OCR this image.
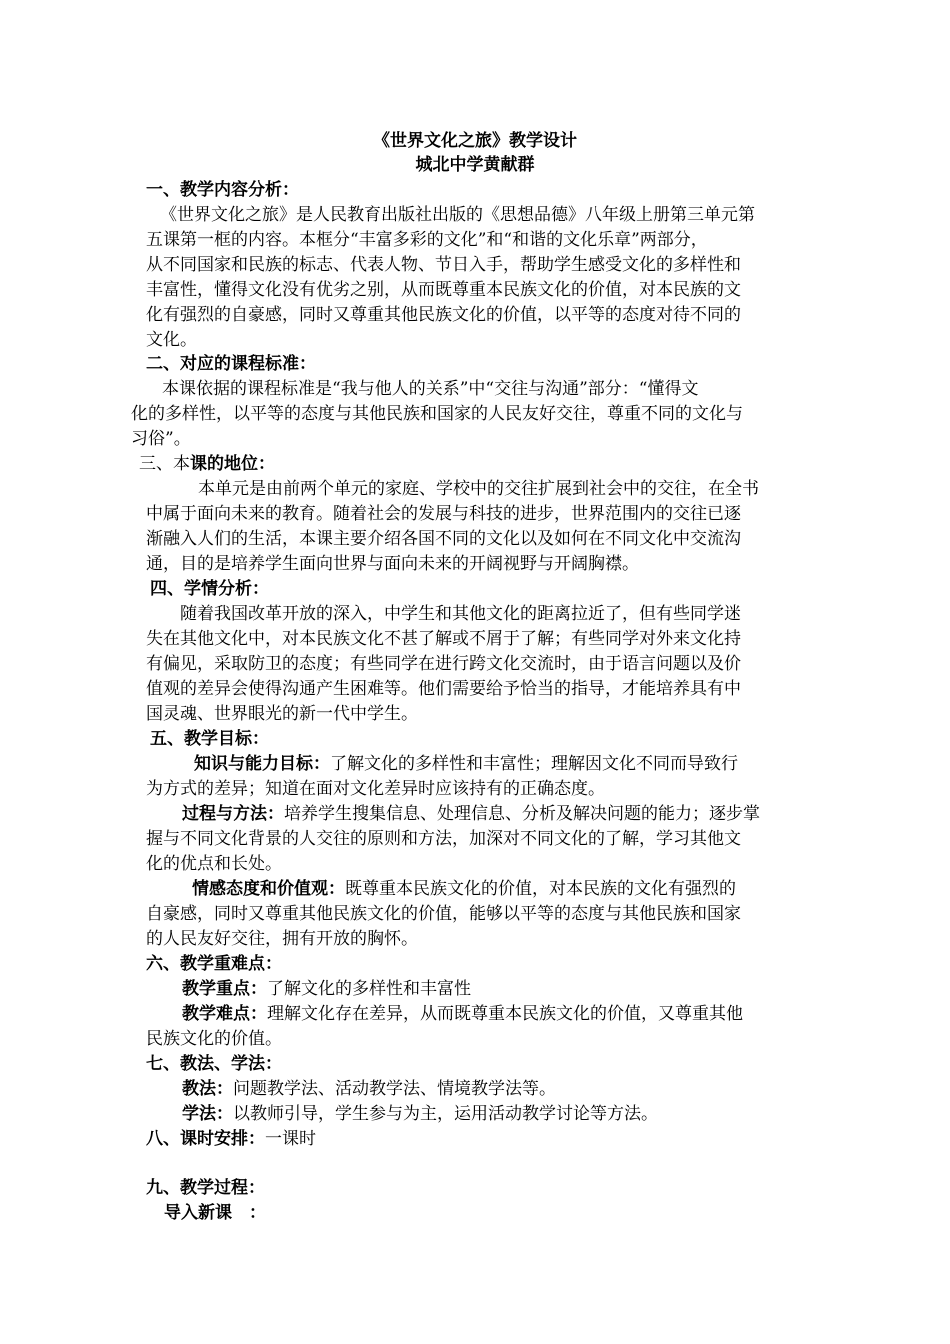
《世界文化之旅》教学设计
城北中学黄献群
一、教学内容分析：
《世界文化之旅》是人民教育出版社出版的《思想品德》八年级上册第三单元第
五课第一框的内容。本框分“丰富多彩的文化”和“和谐的文化乐章”两部分，
从不同国家和民族的标志、代表人物、节日入手，帮助学生感受文化的多样性和
丰富性，懂得文化没有优劣之别，从而既尊重本民族文化的价值，对本民族的文
化有强烈的自豪感，同时又尊重其他民族文化的价值，以平等的态度对待不同的
文化。
二、对应的课程标准：
本课依据的课程标准是“我与他人的关系”中“交往与沟通”部分：“懂得文
化的多样性，以平等的态度与其他民族和国家的人民友好交往，尊重不同的文化与
习俗”。
三、本课的地位：
本单元是由前两个单元的家庭、学校中的交往扩展到社会中的交往，在全书
中属于面向未来的教育。随着社会的发展与科技的进步，世界范围内的交往已逐
渐融入人们的生活，本课主要介绍各国不同的文化以及如何在不同文化中交流沟
通，目的是培养学生面向世界与面向未来的开阔视野与开阔胸襟。
四、学情分析：
随着我国改革开放的深入，中学生和其他文化的距离拉近了，但有些同学迷
失在其他文化中，对本民族文化不甚了解或不屑于了解；有些同学对外来文化持
有偏见，采取防卫的态度；有些同学在进行跨文化交流时，由于语言问题以及价
值观的差异会使得沟通产生困难等。他们需要给予恰当的指导，才能培养具有中
国灵魂、世界眼光的新一代中学生。
五、教学目标：
知识与能力目标：了解文化的多样性和丰富性；理解因文化不同而导致行
为方式的差异；知道在面对文化差异时应该持有的正确态度。
过程与方法：培养学生搜集信息、处理信息、分析及解决问题的能力；逐步掌
握与不同文化背景的人交往的原则和方法，加深对不同文化的了解，学习其他文
化的优点和长处。
情感态度和价值观：既尊重本民族文化的价值，对本民族的文化有强烈的
自豪感，同时又尊重其他民族文化的价值，能够以平等的态度与其他民族和国家
的人民友好交往，拥有开放的胸怀。
六、教学重难点：
教学重点：了解文化的多样性和丰富性
教学难点：理解文化存在差异，从而既尊重本民族文化的价值，又尊重其他
民族文化的价值。
七、教法、学法：
教法：问题教学法、活动教学法、情境教学法等。
学法：以教师引导，学生参与为主，运用活动教学讨论等方法。
八、课时安排：一课时
九、教学过程：
导入新课　：
